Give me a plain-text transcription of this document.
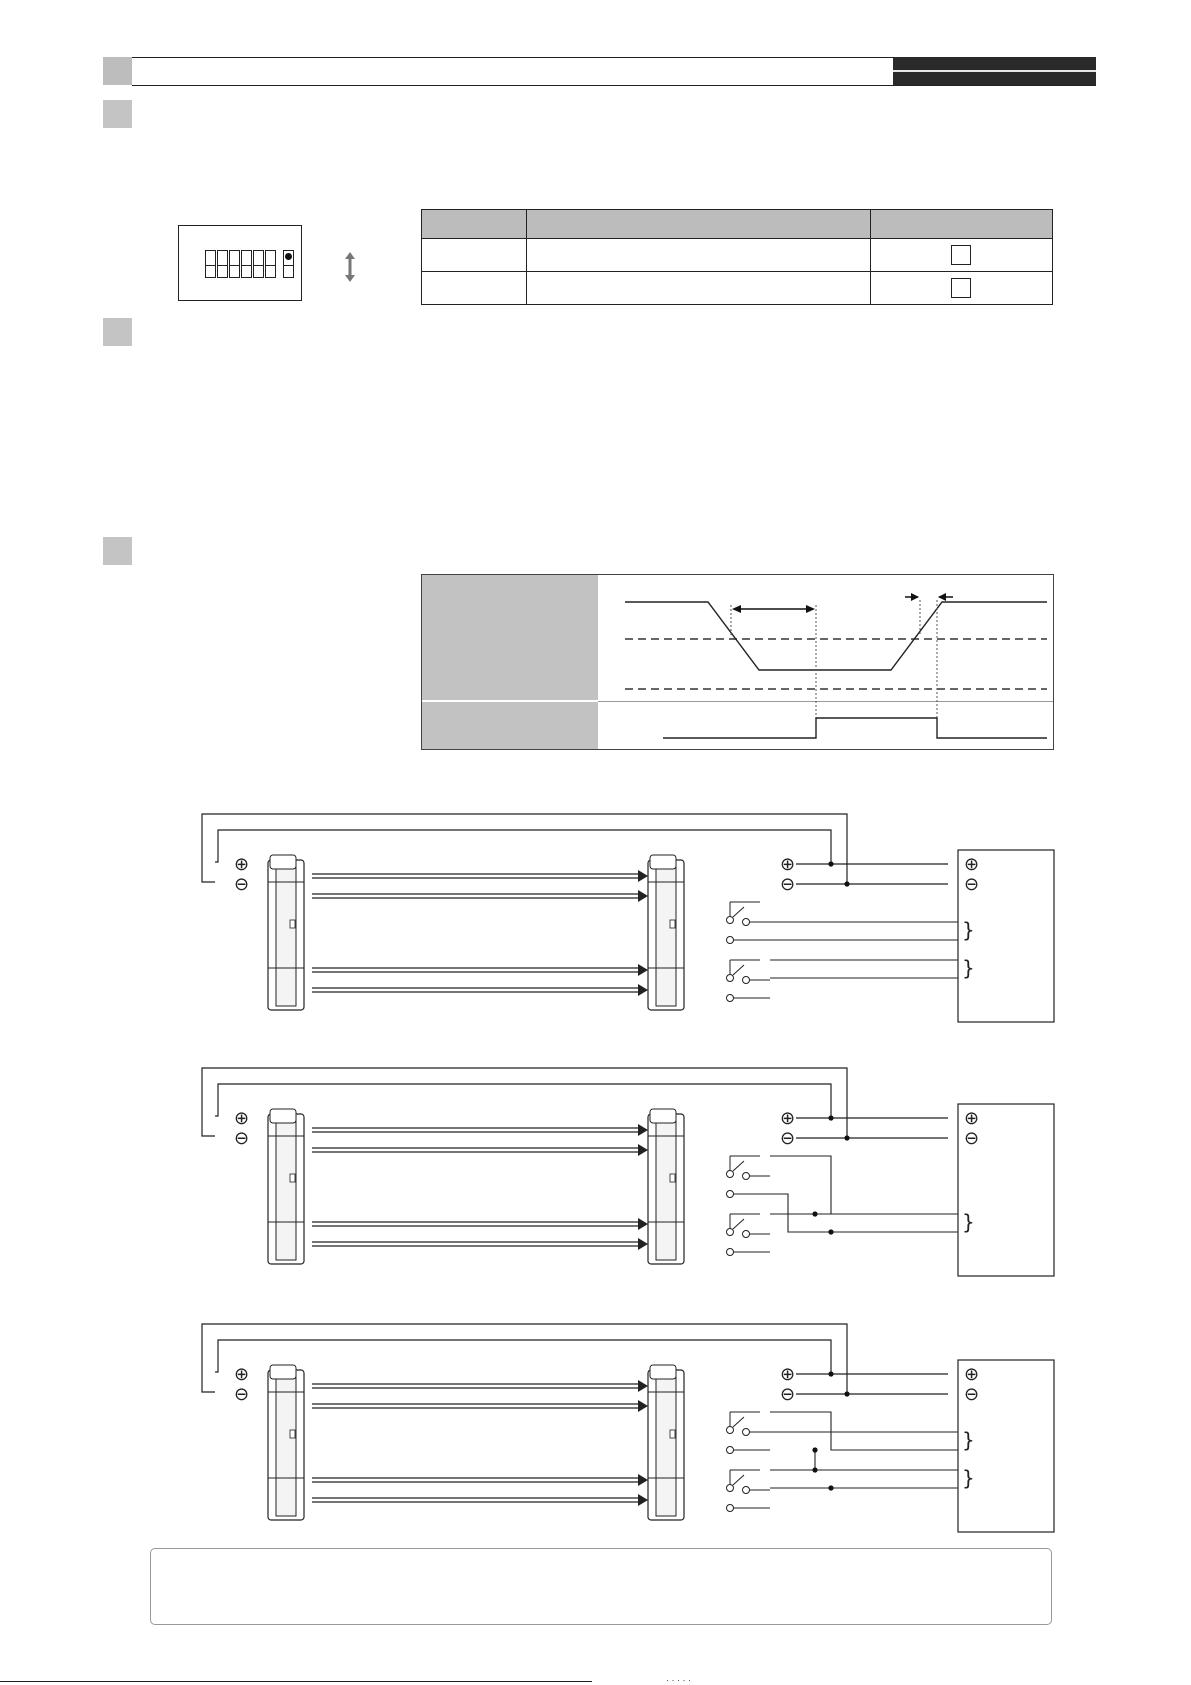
⊕
⊖
⊕
⊖
⊕
⊖
}
}
⊕
⊖
⊕
⊖
⊕
⊖
}
⊕
⊖
⊕
⊖
⊕
⊖
}
}
· · · · ·
